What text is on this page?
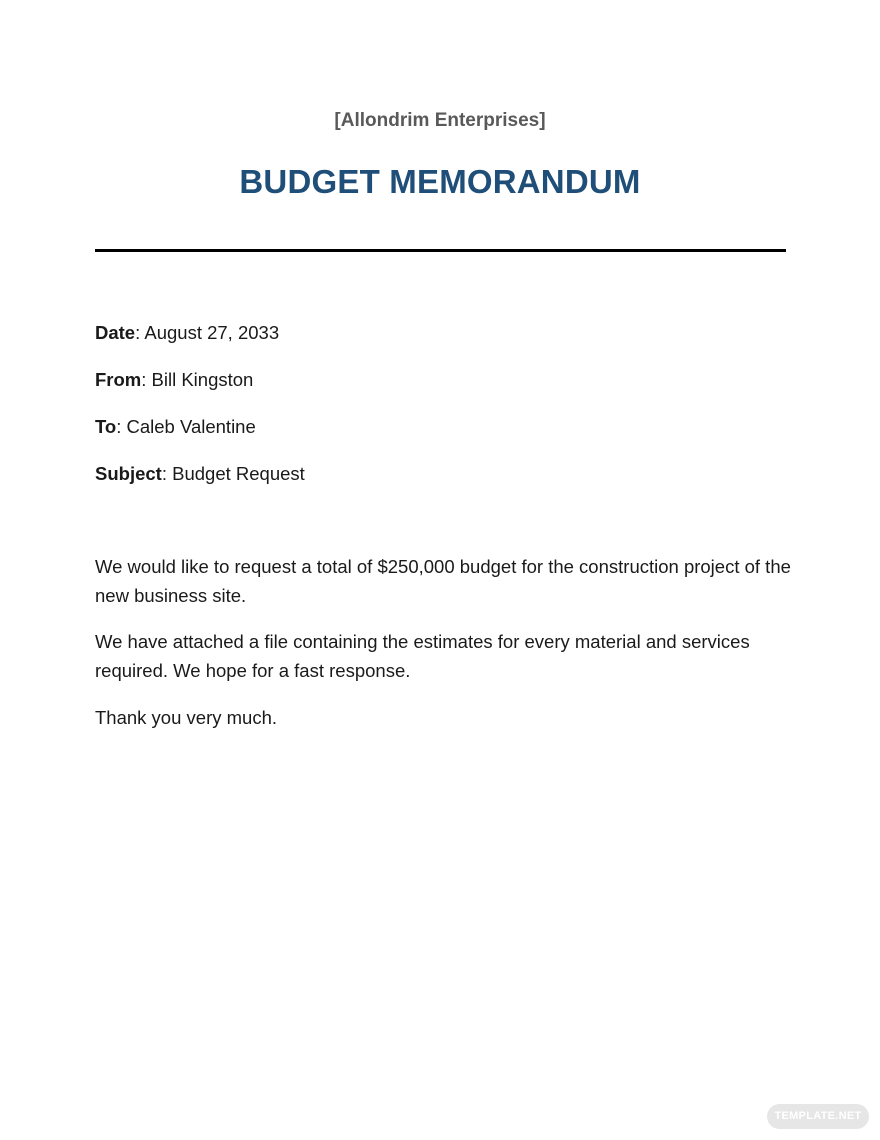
[Allondrim Enterprises]
BUDGET MEMORANDUM
Date: August 27, 2033
From: Bill Kingston
To: Caleb Valentine
Subject: Budget Request
We would like to request a total of $250,000 budget for the construction project of the new business site.
We have attached a file containing the estimates for every material and services required. We hope for a fast response.
Thank you very much.
TEMPLATE.NET
